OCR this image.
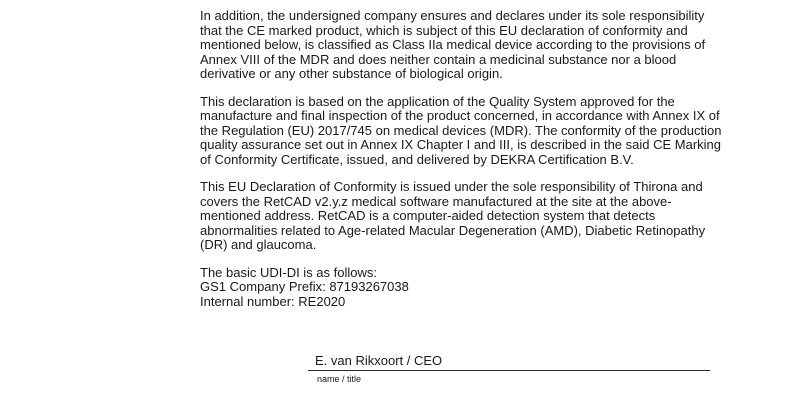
In addition, the undersigned company ensures and declares under its sole responsibility
that the CE marked product, which is subject of this EU declaration of conformity and
mentioned below, is classified as Class IIa medical device according to the provisions of
Annex VIII of the MDR and does neither contain a medicinal substance nor a blood
derivative or any other substance of biological origin.
This declaration is based on the application of the Quality System approved for the
manufacture and final inspection of the product concerned, in accordance with Annex IX of
the Regulation (EU) 2017/745 on medical devices (MDR). The conformity of the production
quality assurance set out in Annex IX Chapter I and III, is described in the said CE Marking
of Conformity Certificate, issued, and delivered by DEKRA Certification B.V.
This EU Declaration of Conformity is issued under the sole responsibility of Thirona and
covers the RetCAD v2.y.z medical software manufactured at the site at the above-
mentioned address. RetCAD is a computer-aided detection system that detects
abnormalities related to Age-related Macular Degeneration (AMD), Diabetic Retinopathy
(DR) and glaucoma.
The basic UDI-DI is as follows:
GS1 Company Prefix: 87193267038
Internal number: RE2020
E. van Rikxoort / CEO
name / title
